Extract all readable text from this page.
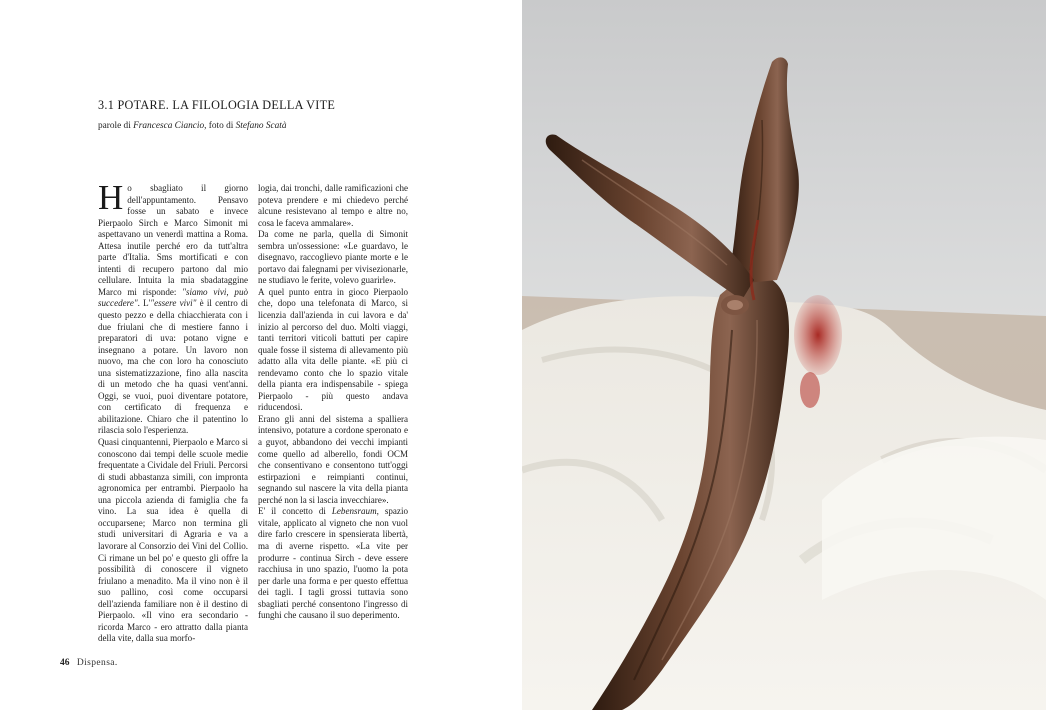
3.1 POTARE. LA FILOLOGIA DELLA VITE

parole di Francesca Ciancio, foto di Stefano Scatà

Ho sbagliato il giorno dell'appuntamento. Pensavo fosse un sabato e invece Pierpaolo Sirch e Marco Simonit mi aspettavano un venerdì mattina a Roma. Attesa inutile perché ero da tutt'altra parte d'Italia. Sms mortificati e con intenti di recupero partono dal mio cellulare. Intuita la mia sbadataggine Marco mi risponde: "siamo vivi, può succedere". L'"essere vivi" è il centro di questo pezzo e della chiacchierata con i due friulani che di mestiere fanno i preparatori di uva: potano vigne e insegnano a potare. Un lavoro non nuovo, ma che con loro ha conosciuto una sistematizzazione, fino alla nascita di un metodo che ha quasi vent'anni. Oggi, se vuoi, puoi diventare potatore, con certificato di frequenza e abilitazione. Chiaro che il patentino lo rilascia solo l'esperienza.

Quasi cinquantenni, Pierpaolo e Marco si conoscono dai tempi delle scuole medie frequentate a Cividale del Friuli. Percorsi di studi abbastanza simili, con impronta agronomica per entrambi. Pierpaolo ha una piccola azienda di famiglia che fa vino. La sua idea è quella di occuparsene; Marco non termina gli studi universitari di Agraria e va a lavorare al Consorzio dei Vini del Collio. Ci rimane un bel po' e questo gli offre la possibilità di conoscere il vigneto friulano a menadito. Ma il vino non è il suo pallino, così come occuparsi dell'azienda familiare non è il destino di Pierpaolo. «Il vino era secondario - ricorda Marco - ero attratto dalla pianta della vite, dalla sua morfo-

logia, dai tronchi, dalle ramificazioni che poteva prendere e mi chiedevo perché alcune resistevano al tempo e altre no, cosa le faceva ammalare».

Da come ne parla, quella di Simonit sembra un'ossessione: «Le guardavo, le disegnavo, raccoglievo piante morte e le portavo dai falegnami per vivisezionarle, ne studiavo le ferite, volevo guarirle».

A quel punto entra in gioco Pierpaolo che, dopo una telefonata di Marco, si licenzia dall'azienda in cui lavora e da' inizio al percorso del duo. Molti viaggi, tanti territori viticoli battuti per capire quale fosse il sistema di allevamento più adatto alla vita delle piante. «E più ci rendevamo conto che lo spazio vitale della pianta era indispensabile - spiega Pierpaolo - più questo andava riducendosi.

Erano gli anni del sistema a spalliera intensivo, potature a cordone speronato e a guyot, abbandono dei vecchi impianti come quello ad alberello, fondi OCM che consentivano e consentono tutt'oggi estirpazioni e reimpianti continui, segnando sul nascere la vita della pianta perché non la si lascia invecchiare».

E' il concetto di Lebensraum, spazio vitale, applicato al vigneto che non vuol dire farlo crescere in spensierata libertà, ma di averne rispetto. «La vite per produrre - continua Sirch - deve essere racchiusa in uno spazio, l'uomo la pota per darle una forma e per questo effettua dei tagli. I tagli grossi tuttavia sono sbagliati perché consentono l'ingresso di funghi che causano il suo deperimento.

46 Dispensa.
